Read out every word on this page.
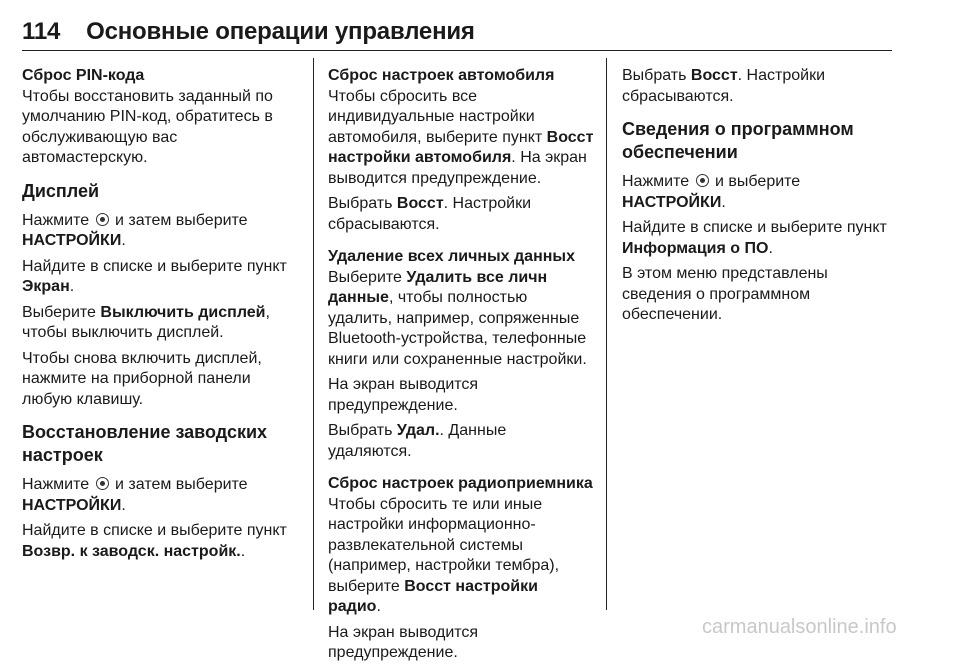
114 Основные операции управления

Сброс PIN-кода

Чтобы восстановить заданный по умолчанию PIN-код, обратитесь в обслуживающую вас автомастерскую.

Дисплей

Нажмите и затем выберите
НАСТРОЙКИ.

Найдите в списке и выберите пункт
Экран.

Выберите Выключить дисплей, чтобы выключить дисплей.

Чтобы снова включить дисплей, нажмите на приборной панели любую клавишу.

Восстановление заводских настроек

Нажмите и затем выберите
НАСТРОЙКИ.

Найдите в списке и выберите пункт
Возвр. к заводск. настройк..

Сброс настроек автомобиля

Чтобы сбросить все индивидуальные настройки автомобиля, выберите пункт Восст настройки автомобиля. На экран выводится предупреждение.

Выбрать Восст. Настройки сбрасываются.

Удаление всех личных данных

Выберите Удалить все личн данные, чтобы полностью удалить, например, сопряженные Bluetooth-устройства, телефонные книги или сохраненные настройки.

На экран выводится предупреждение.

Выбрать Удал.. Данные удаляются.

Сброс настроек радиоприемника

Чтобы сбросить те или иные настройки информационно-развлекательной системы (например, настройки тембра), выберите Восст настройки радио.

На экран выводится предупреждение.

Выбрать Восст. Настройки сбрасываются.

Сведения о программном обеспечении

Нажмите и выберите
НАСТРОЙКИ.

Найдите в списке и выберите пункт
Информация о ПО.

В этом меню представлены сведения о программном обеспечении.

carmanualsonline.info
